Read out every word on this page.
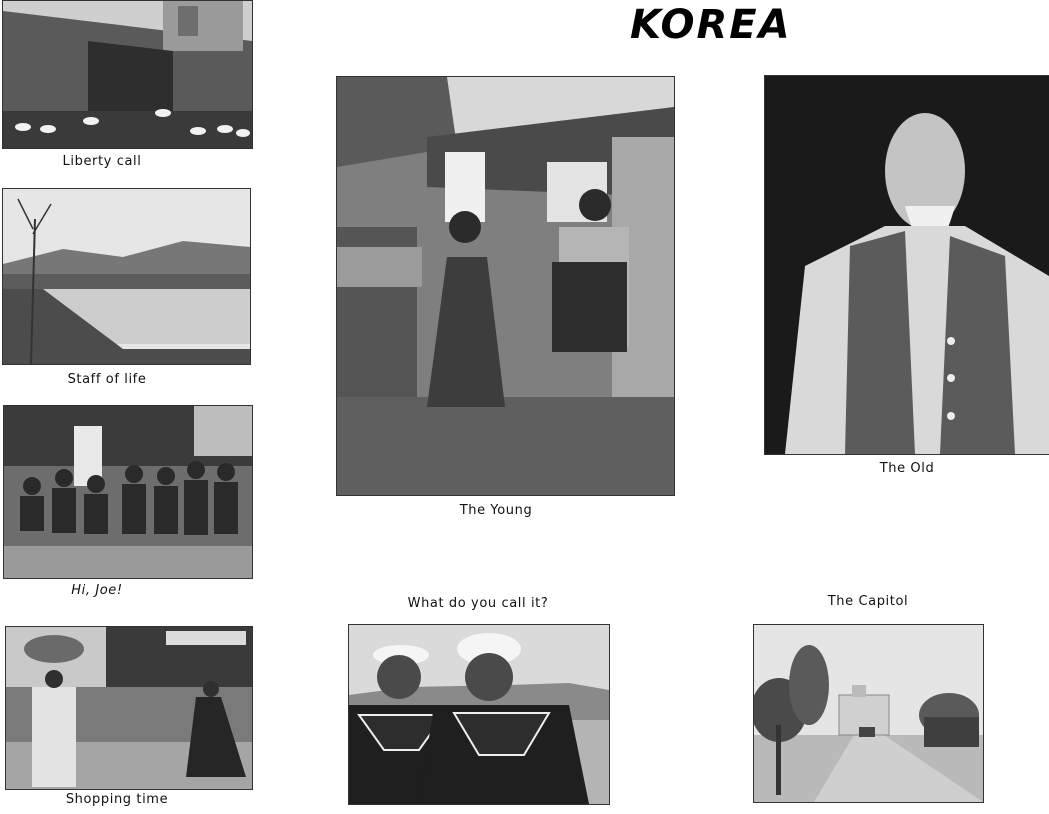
KOREA
Liberty call
Staff of life
Hi, Joe!
Shopping time
The Young
The Old
What do you call it?	The Capitol
